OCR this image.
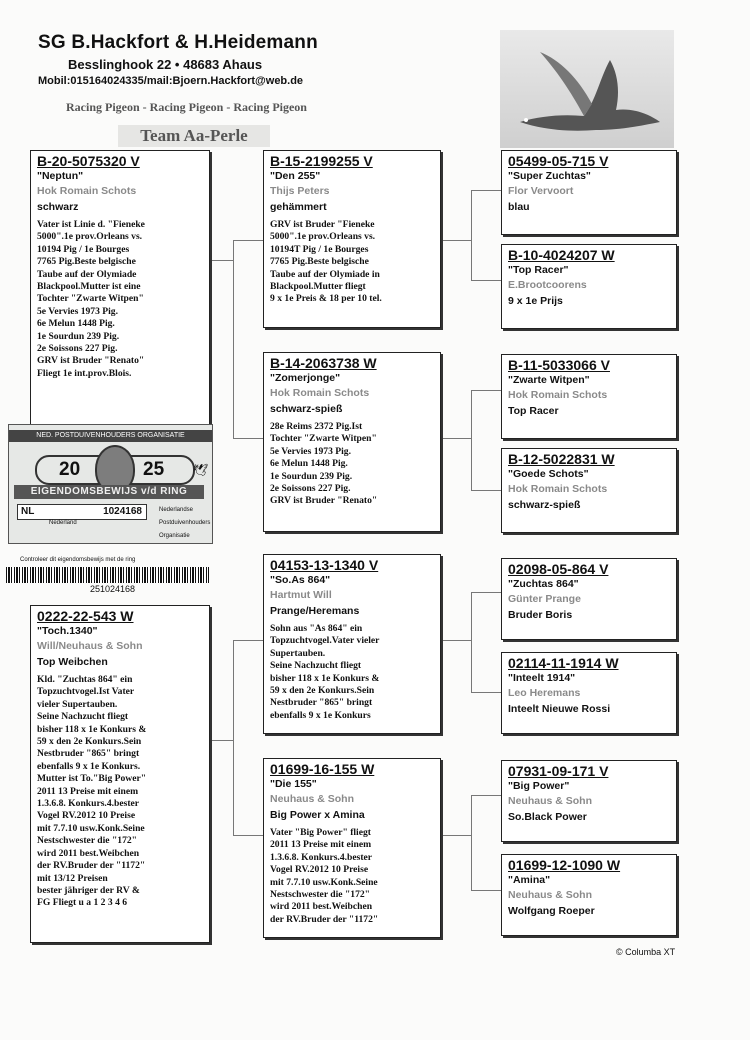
SG B.Hackfort & H.Heidemann
Besslinghook 22 • 48683 Ahaus
Mobil:015164024335/mail:Bjoern.Hackfort@web.de
Racing Pigeon - Racing Pigeon - Racing Pigeon
Team Aa-Perle
B-20-5075320 V
"Neptun"
Hok Romain Schots
schwarz
Vater ist Linie d. "Fieneke
5000".1e prov.Orleans vs.
10194 Pig / 1e Bourges
7765 Pig.Beste belgische
Taube auf der Olymiade
Blackpool.Mutter ist eine
Tochter "Zwarte Witpen"
5e Vervies 1973 Pig.
6e Melun 1448 Pig.
1e Sourdun 239 Pig.
2e Soissons 227 Pig.
GRV ist Bruder "Renato"
Fliegt 1e int.prov.Blois.
B-15-2199255 V
"Den 255"
Thijs Peters
gehämmert
GRV ist Bruder "Fieneke
5000".1e prov.Orleans vs.
10194T Pig / 1e Bourges
7765 Pig.Beste belgische
Taube auf der Olymiade in
Blackpool.Mutter fliegt
9 x 1e Preis & 18 per 10 tel.
B-14-2063738 W
"Zomerjonge"
Hok Romain Schots
schwarz-spieß
28e Reims 2372 Pig.Ist
Tochter "Zwarte Witpen"
5e Vervies 1973 Pig.
6e Melun 1448 Pig.
1e Sourdun 239 Pig.
2e Soissons 227 Pig.
GRV ist Bruder "Renato"
05499-05-715 V
"Super Zuchtas"
Flor Vervoort
blau
B-10-4024207 W
"Top Racer"
E.Brootcoorens
9 x 1e Prijs
B-11-5033066 V
"Zwarte Witpen"
Hok Romain Schots
Top Racer
B-12-5022831 W
"Goede Schots"
Hok Romain Schots
schwarz-spieß
NED. POSTDUIVENHOUDERS ORGANISATIE
20	25 🕊
EIGENDOMSBEWIJS v/d RING
NL	1024168
Nederland
Nederlandse
Postduivenhouders
Organisatie
Controleer dit eigendomsbewijs met de ring
251024168
0222-22-543 W
"Toch.1340"
Will/Neuhaus & Sohn
Top Weibchen
Kld. "Zuchtas 864" ein
Topzuchtvogel.Ist Vater
vieler Supertauben.
Seine Nachzucht fliegt
bisher 118 x 1e Konkurs &
59 x den 2e Konkurs.Sein
Nestbruder "865" bringt
ebenfalls 9 x 1e Konkurs.
Mutter ist To."Big Power"
2011 13 Preise mit einem
1.3.6.8. Konkurs.4.bester
Vogel RV.2012 10 Preise
mit 7.7.10 usw.Konk.Seine
Nestschwester die "172"
wird 2011 best.Weibchen
der RV.Bruder der "1172"
mit 13/12 Preisen
bester jähriger der RV &
FG Fliegt u a 1 2 3 4 6
04153-13-1340 V
"So.As 864"
Hartmut Will
Prange/Heremans
Sohn aus "As 864" ein
Topzuchtvogel.Vater vieler
Supertauben.
Seine Nachzucht fliegt
bisher 118 x 1e Konkurs &
59 x den 2e Konkurs.Sein
Nestbruder "865" bringt
ebenfalls 9 x 1e Konkurs
01699-16-155 W
"Die 155"
Neuhaus & Sohn
Big Power x Amina
Vater "Big Power" fliegt
2011 13 Preise mit einem
1.3.6.8. Konkurs.4.bester
Vogel RV.2012 10 Preise
mit 7.7.10 usw.Konk.Seine
Nestschwester die "172"
wird 2011 best.Weibchen
der RV.Bruder der "1172"
02098-05-864 V
"Zuchtas 864"
Günter Prange
Bruder Boris
02114-11-1914 W
"Inteelt 1914"
Leo Heremans
Inteelt Nieuwe Rossi
07931-09-171 V
"Big Power"
Neuhaus & Sohn
So.Black Power
01699-12-1090 W
"Amina"
Neuhaus & Sohn
Wolfgang Roeper
© Columba XT
